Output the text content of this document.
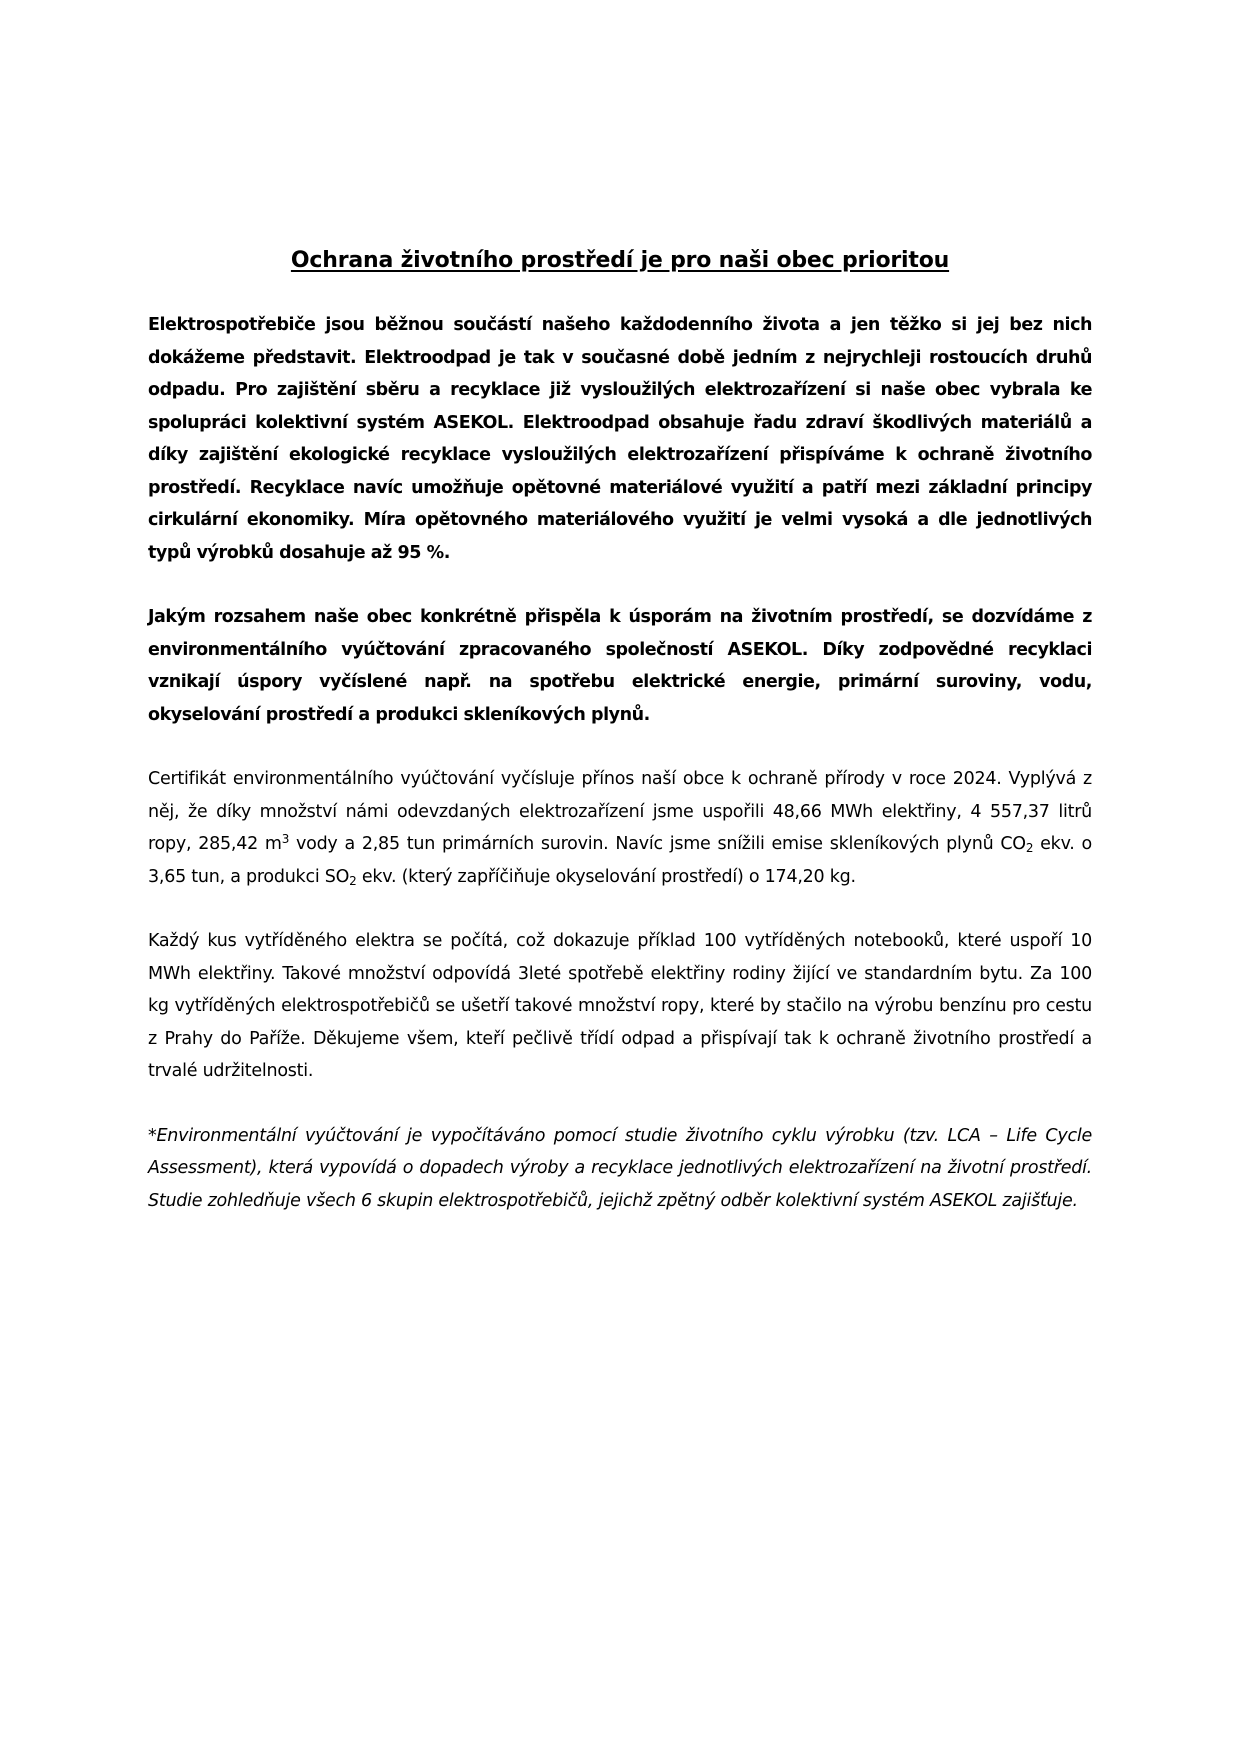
Ochrana životního prostředí je pro naši obec prioritou

Elektrospotřebiče jsou běžnou součástí našeho každodenního života a jen těžko si jej bez nich dokážeme představit. Elektroodpad je tak v současné době jedním z nejrychleji rostoucích druhů odpadu. Pro zajištění sběru a recyklace již vysloužilých elektrozařízení si naše obec vybrala ke spolupráci kolektivní systém ASEKOL. Elektroodpad obsahuje řadu zdraví škodlivých materiálů a díky zajištění ekologické recyklace vysloužilých elektrozařízení přispíváme k ochraně životního prostředí. Recyklace navíc umožňuje opětovné materiálové využití a patří mezi základní principy cirkulární ekonomiky. Míra opětovného materiálového využití je velmi vysoká a dle jednotlivých typů výrobků dosahuje až 95 %.

Jakým rozsahem naše obec konkrétně přispěla k úsporám na životním prostředí, se dozvídáme z environmentálního vyúčtování zpracovaného společností ASEKOL. Díky zodpovědné recyklaci vznikají úspory vyčíslené např. na spotřebu elektrické energie, primární suroviny, vodu, okyselování prostředí a produkci skleníkových plynů.

Certifikát environmentálního vyúčtování vyčísluje přínos naší obce k ochraně přírody v roce 2024. Vyplývá z něj, že díky množství námi odevzdaných elektrozařízení jsme uspořili 48,66 MWh elektřiny, 4 557,37 litrů ropy, 285,42 $m^3$ vody a 2,85 tun primárních surovin. Navíc jsme snížili emise skleníkových plynů $CO_2$ ekv. o 3,65 tun, a produkci $SO_2$ ekv. (který zapříčiňuje okyselování prostředí) o 174,20 kg.

Každý kus vytříděného elektra se počítá, což dokazuje příklad 100 vytříděných notebooků, které uspoří 10 MWh elektřiny. Takové množství odpovídá 3leté spotřebě elektřiny rodiny žijící ve standardním bytu. Za 100 kg vytříděných elektrospotřebičů se ušetří takové množství ropy, které by stačilo na výrobu benzínu pro cestu z Prahy do Paříže. Děkujeme všem, kteří pečlivě třídí odpad a přispívají tak k ochraně životního prostředí a trvalé udržitelnosti.

*Environmentální vyúčtování je vypočítáváno pomocí studie životního cyklu výrobku (tzv. LCA – Life Cycle Assessment), která vypovídá o dopadech výroby a recyklace jednotlivých elektrozařízení na životní prostředí. Studie zohledňuje všech 6 skupin elektrospotřebičů, jejichž zpětný odběr kolektivní systém ASEKOL zajišťuje.
